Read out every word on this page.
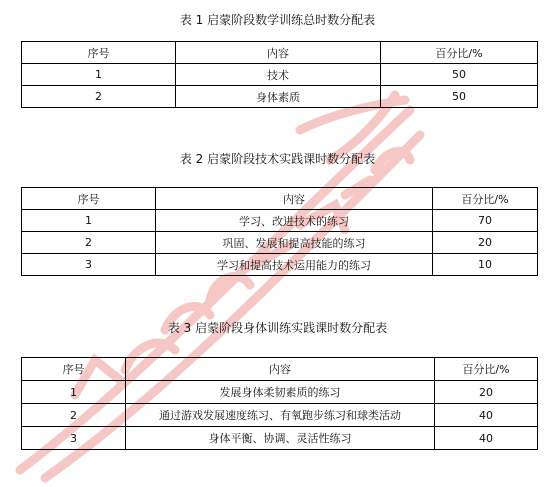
表 1 启蒙阶段数学训练总时数分配表
序号	内容	百分比/%
1	技术	50
2	身体素质	50
表 2 启蒙阶段技术实践课时数分配表
序号	内容	百分比/%
1	学习、改进技术的练习	70
2	巩固、发展和提高技能的练习	20
3	学习和提高技术运用能力的练习	10
表 3 启蒙阶段身体训练实践课时数分配表
序号	内容	百分比/%
1	发展身体柔韧素质的练习	20
2	通过游戏发展速度练习、有氧跑步练习和球类活动	40
3	身体平衡、协调、灵活性练习	40
